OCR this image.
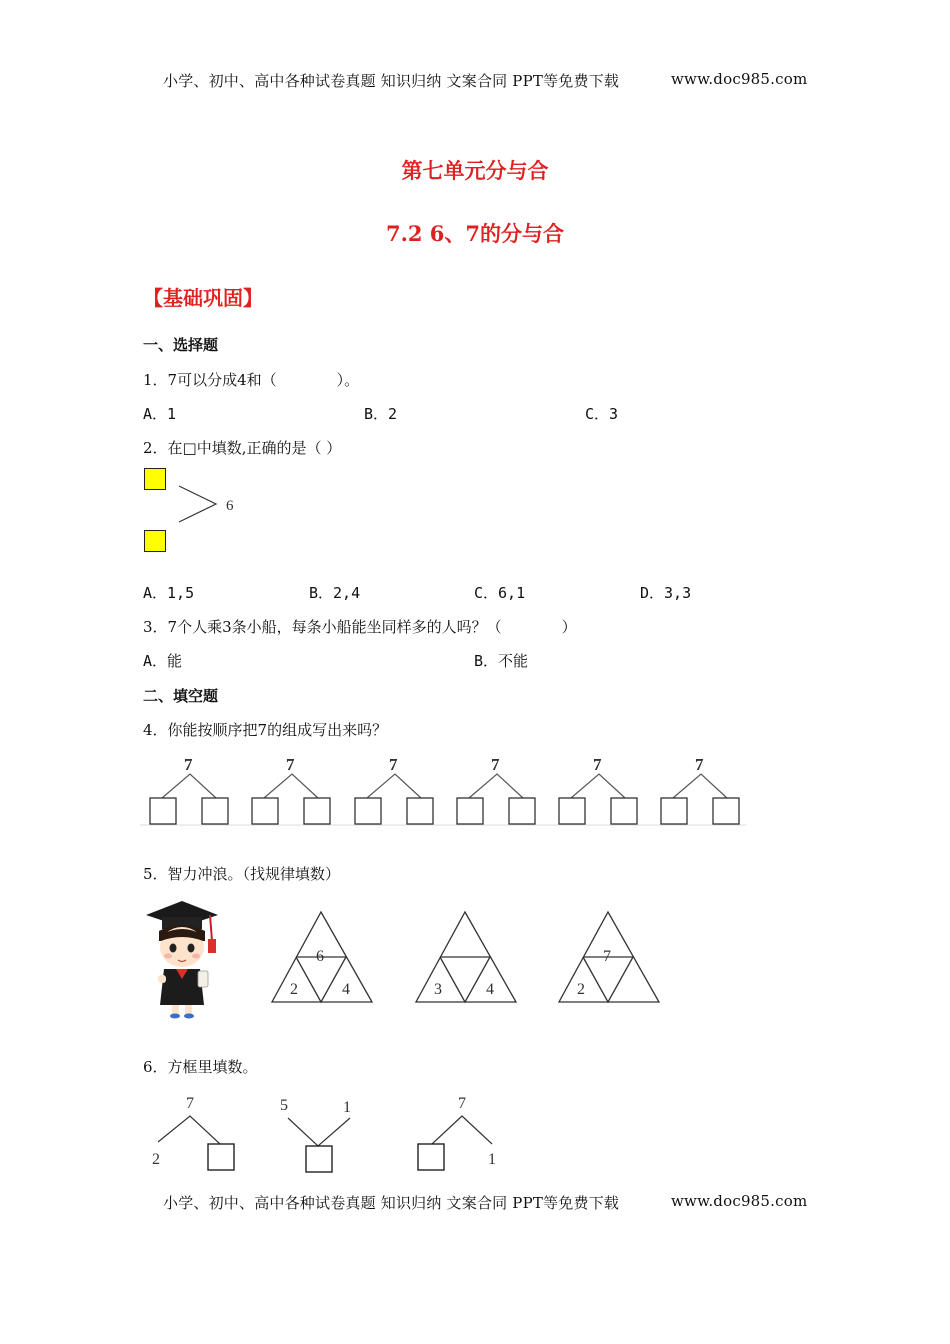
小学、初中、高中各种试卷真题 知识归纳 文案合同 PPT等免费下载	www.doc985.com
第七单元分与合
7.2 6、7的分与合
【基础巩固】
一、选择题
1．7可以分成4和（　　　　）。
A．1	B．2	C．3
2．在□中填数,正确的是（ ）
6
A．1,5	B．2,4	C．6,1	D．3,3
3．7个人乘3条小船，每条小船能坐同样多的人吗？（　　　　）
A．能	B．不能
二、填空题
4．你能按顺序把7的组成写出来吗？
7	7	7	7	7	7
5．智力冲浪。（找规律填数）
6
2	4	3	4
7
2
6．方框里填数。
7
2
5	1	7
1
小学、初中、高中各种试卷真题 知识归纳 文案合同 PPT等免费下载	www.doc985.com
